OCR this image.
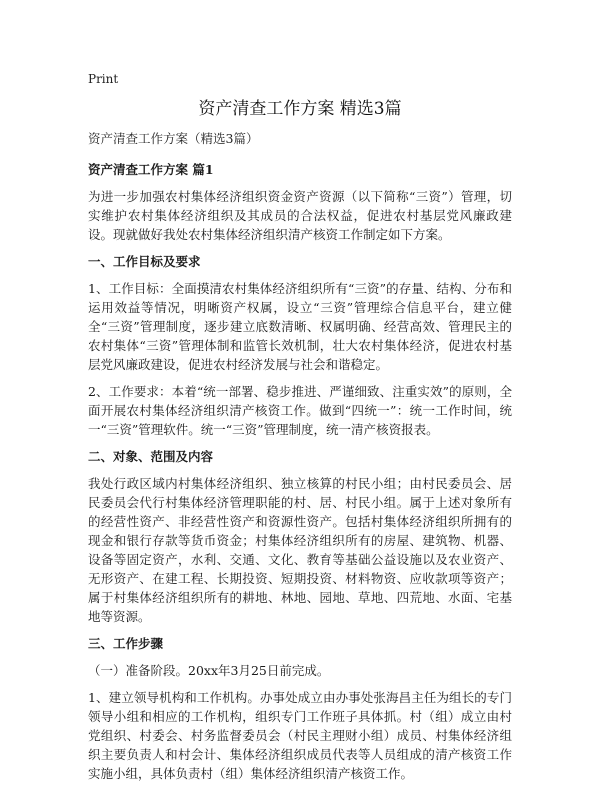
Print
资产清查工作方案 精选3篇

资产清查工作方案（精选3篇）

资产清查工作方案 篇1

为进一步加强农村集体经济组织资金资产资源（以下简称“三资”）管理，切实维护农村集体经济组织及其成员的合法权益，促进农村基层党风廉政建设。现就做好我处农村集体经济组织清产核资工作制定如下方案。

一、工作目标及要求

1、工作目标：全面摸清农村集体经济组织所有“三资”的存量、结构、分布和运用效益等情况，明晰资产权属，设立“三资”管理综合信息平台，建立健全“三资”管理制度，逐步建立底数清晰、权属明确、经营高效、管理民主的农村集体“三资”管理体制和监管长效机制，壮大农村集体经济，促进农村基层党风廉政建设，促进农村经济发展与社会和谐稳定。

2、工作要求：本着“统一部署、稳步推进、严谨细致、注重实效”的原则，全面开展农村集体经济组织清产核资工作。做到“四统一”：统一工作时间，统一“三资”管理软件。统一“三资”管理制度，统一清产核资报表。

二、对象、范围及内容

我处行政区域内村集体经济组织、独立核算的村民小组；由村民委员会、居民委员会代行村集体经济管理职能的村、居、村民小组。属于上述对象所有的经营性资产、非经营性资产和资源性资产。包括村集体经济组织所拥有的现金和银行存款等货币资金；村集体经济组织所有的房屋、建筑物、机器、设备等固定资产，水利、交通、文化、教育等基础公益设施以及农业资产、无形资产、在建工程、长期投资、短期投资、材料物资、应收款项等资产；属于村集体经济组织所有的耕地、林地、园地、草地、四荒地、水面、宅基地等资源。

三、工作步骤

（一）准备阶段。20xx年3月25日前完成。

1、建立领导机构和工作机构。办事处成立由办事处张海昌主任为组长的专门领导小组和相应的工作机构，组织专门工作班子具体抓。村（组）成立由村党组织、村委会、村务监督委员会（村民主理财小组）成员、村集体经济组织主要负责人和村会计、集体经济组织成员代表等人员组成的清产核资工作实施小组，具体负责村（组）集体经济组织清产核资工作。
